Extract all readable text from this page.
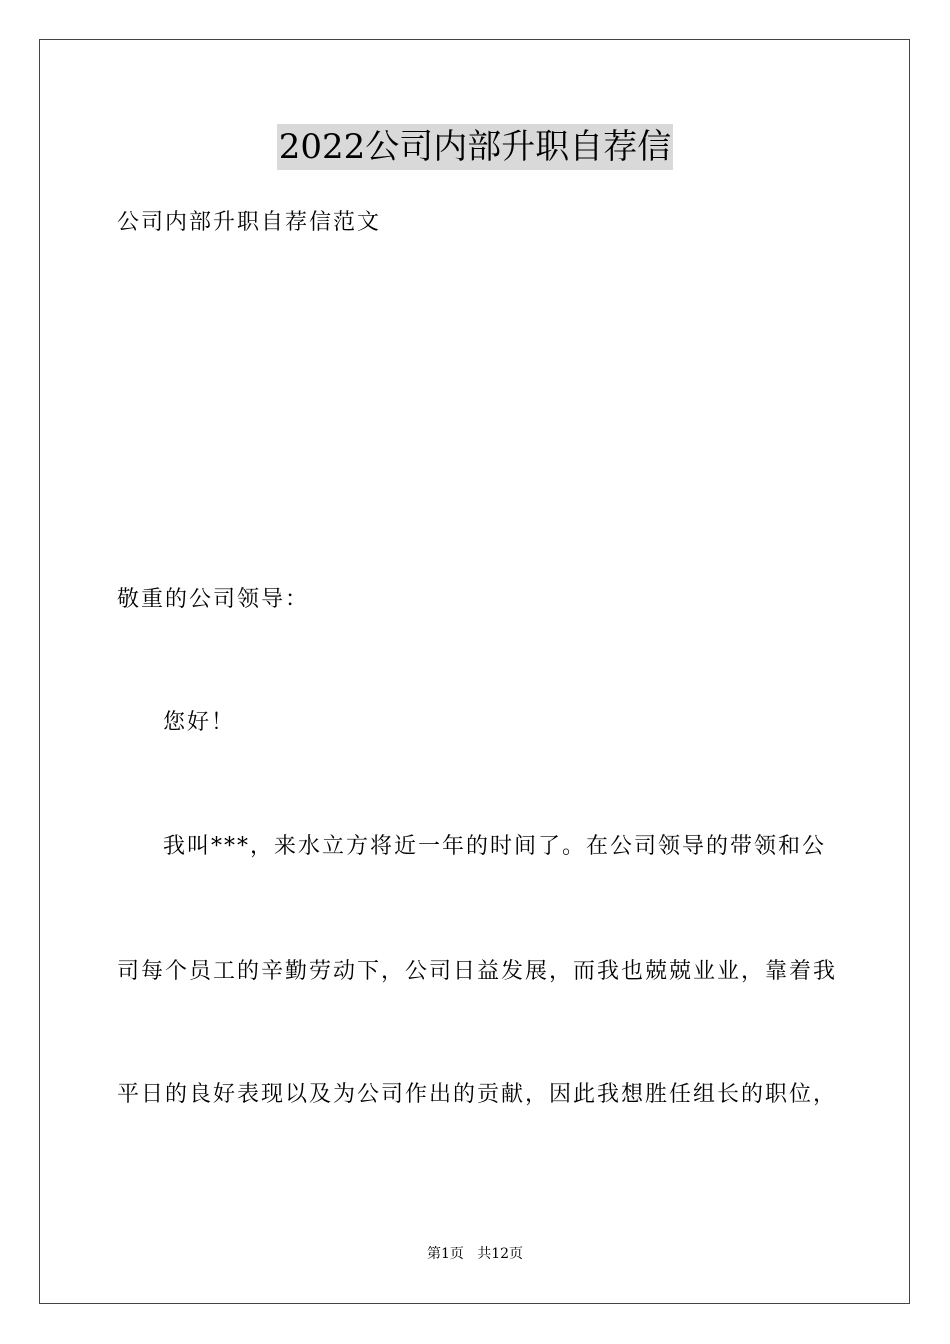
2022公司内部升职自荐信
公司内部升职自荐信范文
敬重的公司领导：
您好！
我叫***，来水立方将近一年的时间了。在公司领导的带领和公
司每个员工的辛勤劳动下，公司日益发展，而我也兢兢业业，靠着我
平日的良好表现以及为公司作出的贡献，因此我想胜任组长的职位，
第1页   共12页
